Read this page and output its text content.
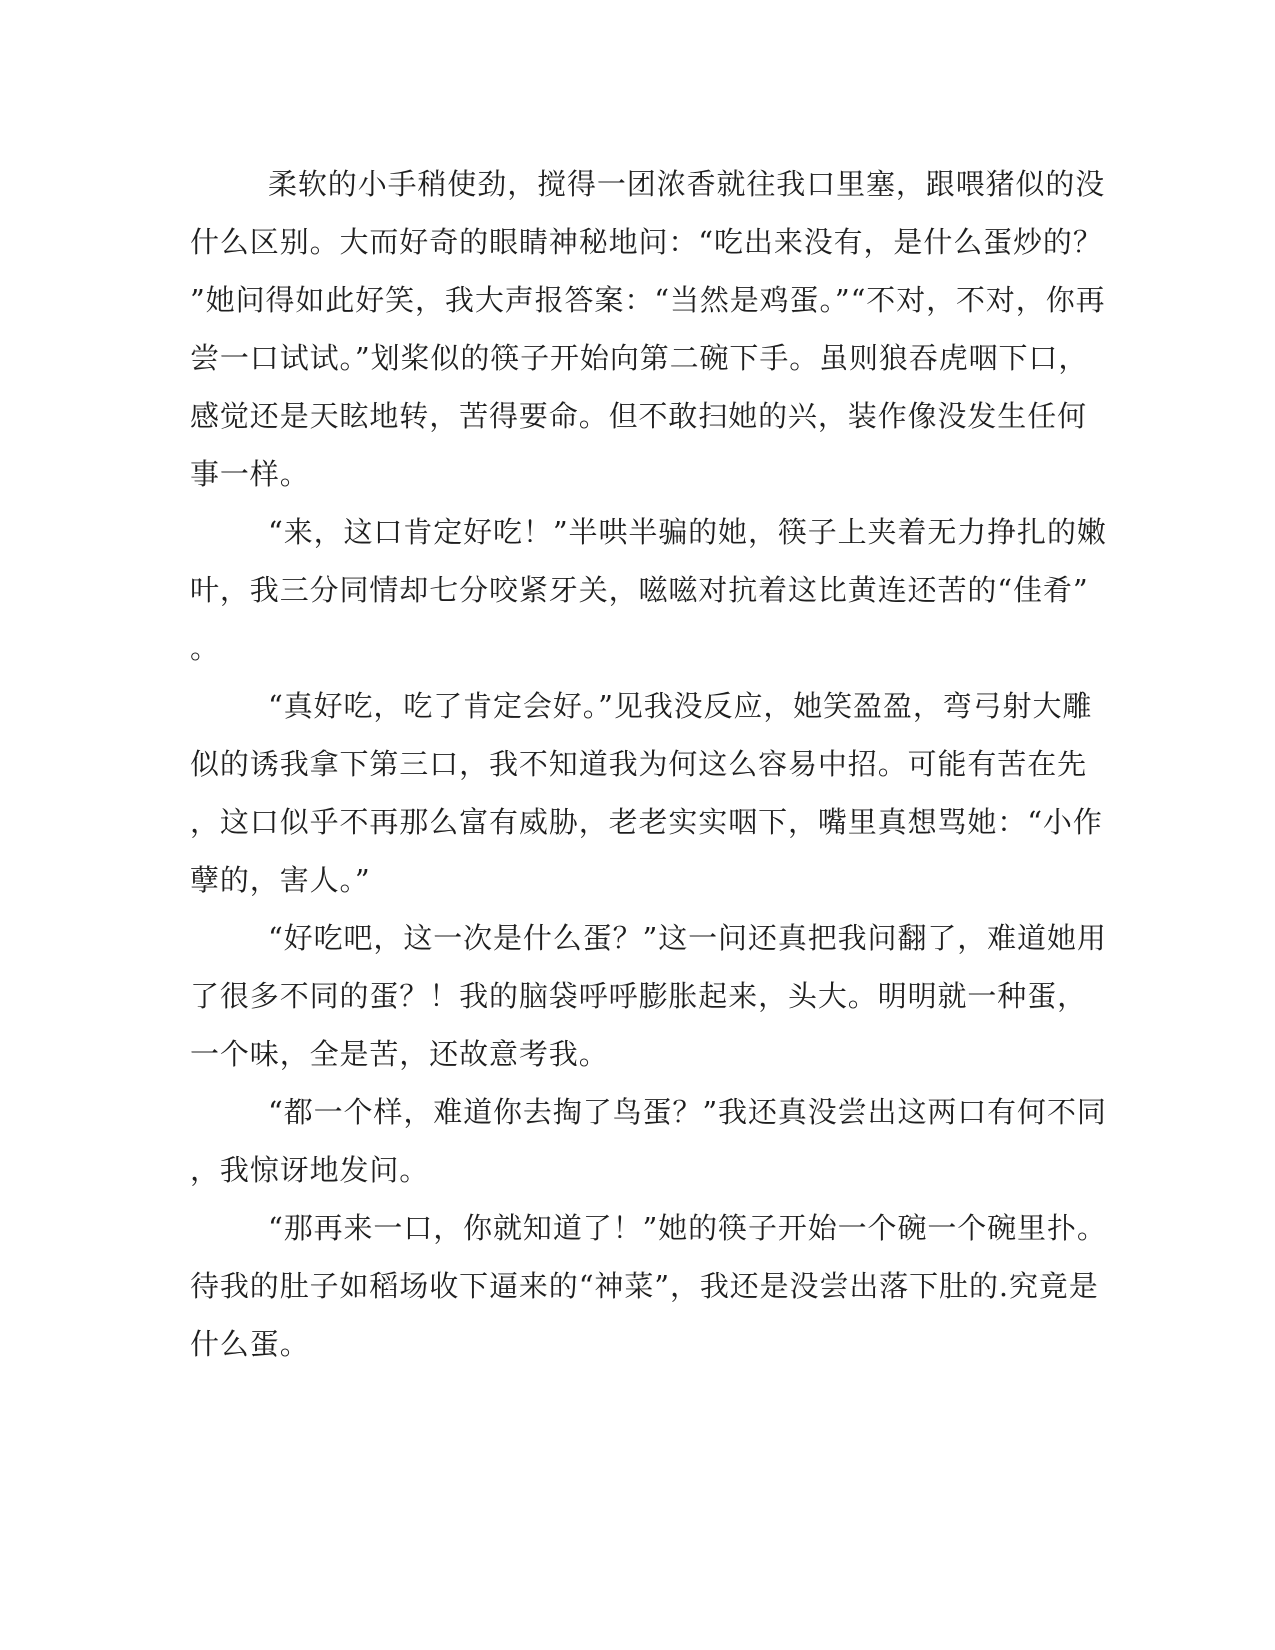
柔软的小手稍使劲，搅得一团浓香就往我口里塞，跟喂猪似的没
什么区别。大而好奇的眼睛神秘地问：“吃出来没有，是什么蛋炒的？
”她问得如此好笑，我大声报答案：“当然是鸡蛋。”“不对，不对，你再
尝一口试试。”划桨似的筷子开始向第二碗下手。虽则狼吞虎咽下口，
感觉还是天眩地转，苦得要命。但不敢扫她的兴，装作像没发生任何
事一样。
“来，这口肯定好吃！”半哄半骗的她，筷子上夹着无力挣扎的嫩
叶，我三分同情却七分咬紧牙关，嗞嗞对抗着这比黄连还苦的“佳肴”
。
“真好吃，吃了肯定会好。”见我没反应，她笑盈盈，弯弓射大雕
似的诱我拿下第三口，我不知道我为何这么容易中招。可能有苦在先
，这口似乎不再那么富有威胁，老老实实咽下，嘴里真想骂她：“小作
孽的，害人。”
“好吃吧，这一次是什么蛋？”这一问还真把我问翻了，难道她用
了很多不同的蛋？！我的脑袋呼呼膨胀起来，头大。明明就一种蛋，
一个味，全是苦，还故意考我。
“都一个样，难道你去掏了鸟蛋？”我还真没尝出这两口有何不同
，我惊讶地发问。
“那再来一口，你就知道了！”她的筷子开始一个碗一个碗里扑。
待我的肚子如稻场收下逼来的“神菜”，我还是没尝出落下肚的.究竟是
什么蛋。
